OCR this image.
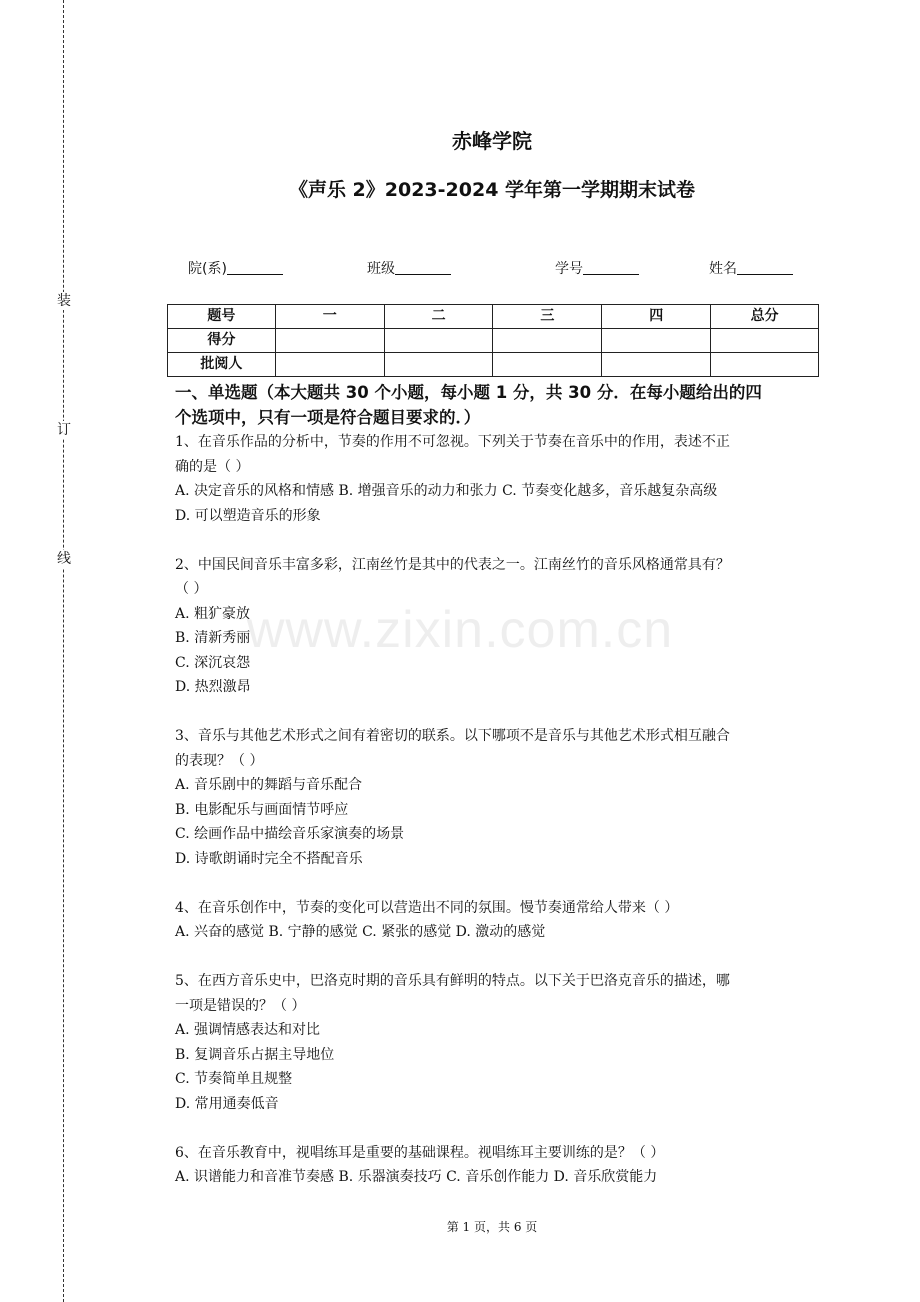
装
订
线
www.zixin.com.cn
赤峰学院
《声乐 2》2023-2024 学年第一学期期末试卷
院(系)	班级	学号	姓名
题号	一	二	三	四	总分
得分					
批阅人					
一、单选题（本大题共 30 个小题，每小题 1 分，共 30 分．在每小题给出的四
个选项中，只有一项是符合题目要求的．）
1、在音乐作品的分析中，节奏的作用不可忽视。下列关于节奏在音乐中的作用，表述不正
确的是（ ）
A. 决定音乐的风格和情感 B. 增强音乐的动力和张力 C. 节奏变化越多，音乐越复杂高级
D. 可以塑造音乐的形象
2、中国民间音乐丰富多彩，江南丝竹是其中的代表之一。江南丝竹的音乐风格通常具有？
（ ）
A. 粗犷豪放
B. 清新秀丽
C. 深沉哀怨
D. 热烈激昂
3、音乐与其他艺术形式之间有着密切的联系。以下哪项不是音乐与其他艺术形式相互融合
的表现？（ ）
A. 音乐剧中的舞蹈与音乐配合
B. 电影配乐与画面情节呼应
C. 绘画作品中描绘音乐家演奏的场景
D. 诗歌朗诵时完全不搭配音乐
4、在音乐创作中，节奏的变化可以营造出不同的氛围。慢节奏通常给人带来（ ）
A. 兴奋的感觉 B. 宁静的感觉 C. 紧张的感觉 D. 激动的感觉
5、在西方音乐史中，巴洛克时期的音乐具有鲜明的特点。以下关于巴洛克音乐的描述，哪
一项是错误的？（ ）
A. 强调情感表达和对比
B. 复调音乐占据主导地位
C. 节奏简单且规整
D. 常用通奏低音
6、在音乐教育中，视唱练耳是重要的基础课程。视唱练耳主要训练的是？（ ）
A. 识谱能力和音准节奏感 B. 乐器演奏技巧 C. 音乐创作能力 D. 音乐欣赏能力
第 1 页，共 6 页
